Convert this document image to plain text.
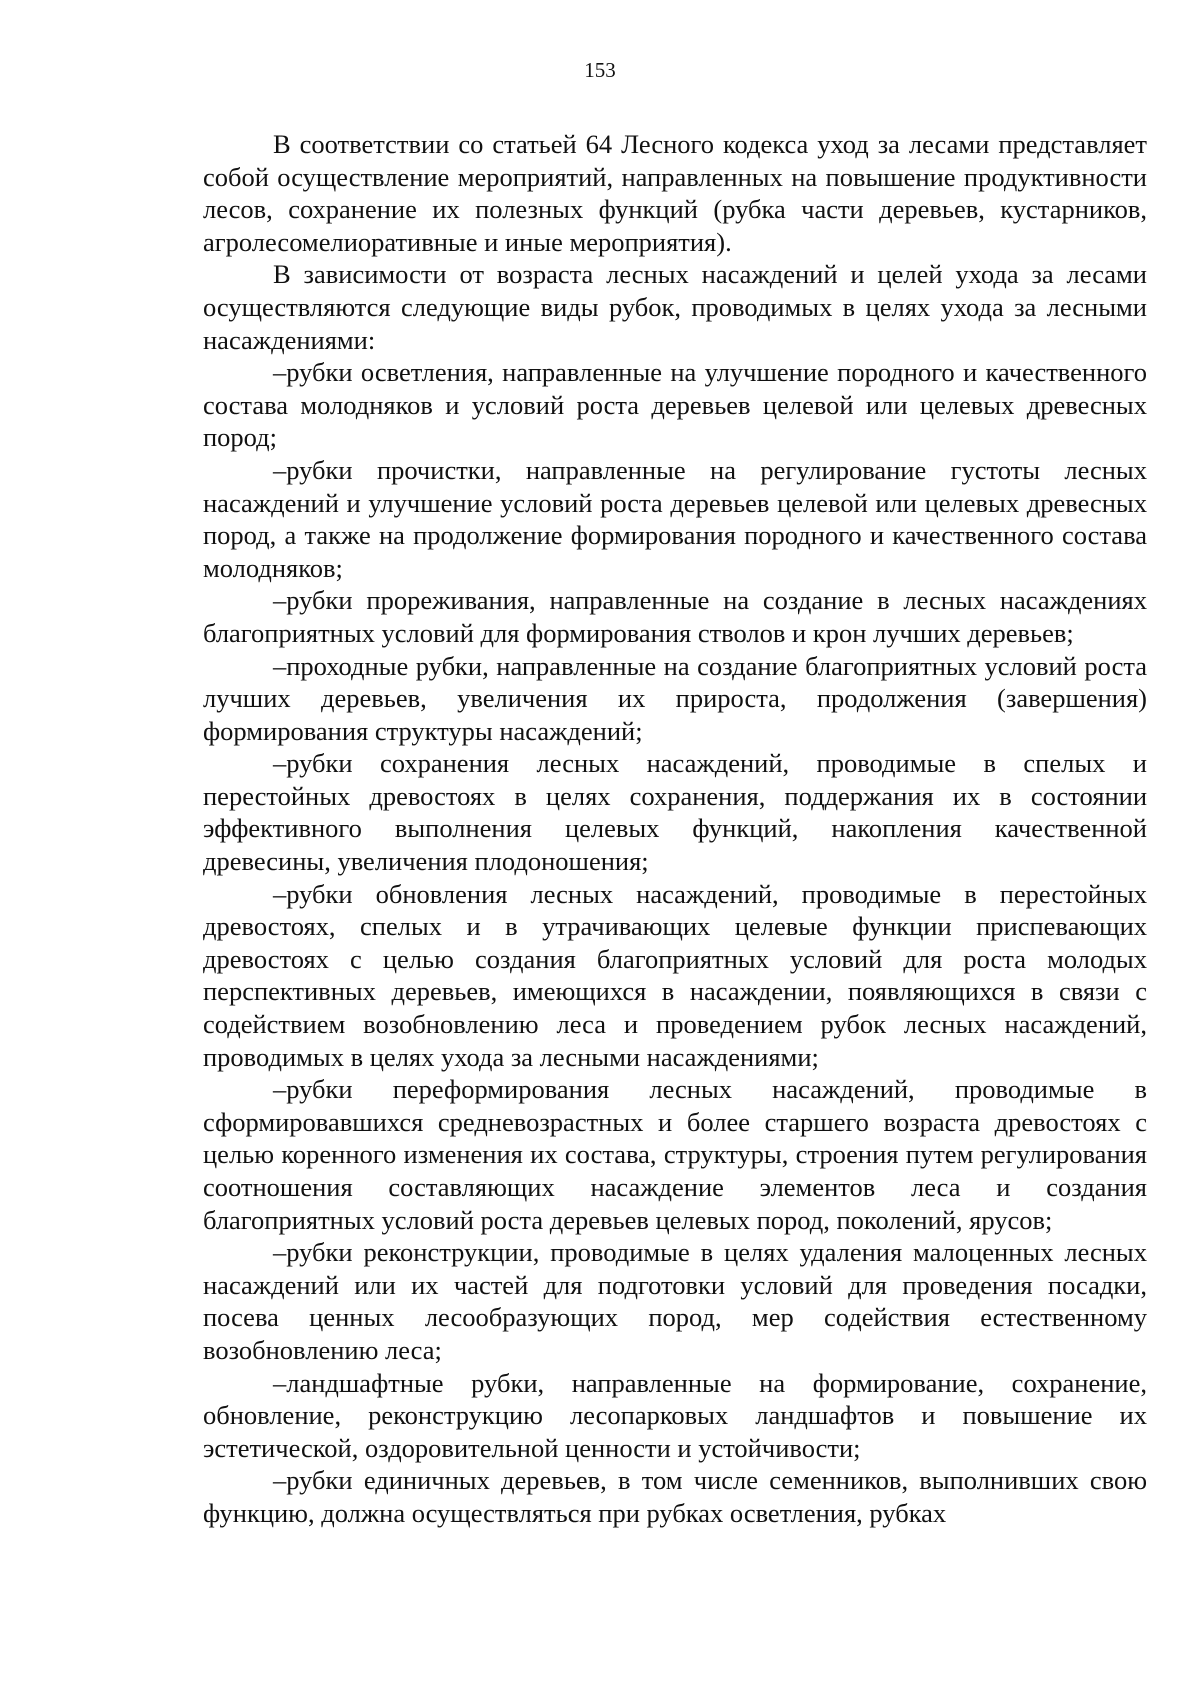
153

В соответствии со статьей 64 Лесного кодекса уход за лесами представляет собой осуществление мероприятий, направленных на повышение продуктивности лесов, сохранение их полезных функций (рубка части деревьев, кустарников, агролесомелиоративные и иные мероприятия).

В зависимости от возраста лесных насаждений и целей ухода за лесами осуществляются следующие виды рубок, проводимых в целях ухода за лесными насаждениями:

–рубки осветления, направленные на улучшение породного и качественного состава молодняков и условий роста деревьев целевой или целевых древесных пород;

–рубки прочистки, направленные на регулирование густоты лесных насаждений и улучшение условий роста деревьев целевой или целевых древесных пород, а также на продолжение формирования породного и качественного состава молодняков;

–рубки прореживания, направленные на создание в лесных насаждениях благоприятных условий для формирования стволов и крон лучших деревьев;

–проходные рубки, направленные на создание благоприятных условий роста лучших деревьев, увеличения их прироста, продолжения (завершения) формирования структуры насаждений;

–рубки сохранения лесных насаждений, проводимые в спелых и перестойных древостоях в целях сохранения, поддержания их в состоянии эффективного выполнения целевых функций, накопления качественной древесины, увеличения плодоношения;

–рубки обновления лесных насаждений, проводимые в перестойных древостоях, спелых и в утрачивающих целевые функции приспевающих древостоях с целью создания благоприятных условий для роста молодых перспективных деревьев, имеющихся в насаждении, появляющихся в связи с содействием возобновлению леса и проведением рубок лесных насаждений, проводимых в целях ухода за лесными насаждениями;

–рубки переформирования лесных насаждений, проводимые в сформировавшихся средневозрастных и более старшего возраста древостоях с целью коренного изменения их состава, структуры, строения путем регулирования соотношения составляющих насаждение элементов леса и создания благоприятных условий роста деревьев целевых пород, поколений, ярусов;

–рубки реконструкции, проводимые в целях удаления малоценных лесных насаждений или их частей для подготовки условий для проведения посадки, посева ценных лесообразующих пород, мер содействия естественному возобновлению леса;

–ландшафтные рубки, направленные на формирование, сохранение, обновление, реконструкцию лесопарковых ландшафтов и повышение их эстетической, оздоровительной ценности и устойчивости;

–рубки единичных деревьев, в том числе семенников, выполнивших свою функцию, должна осуществляться при рубках осветления, рубках
